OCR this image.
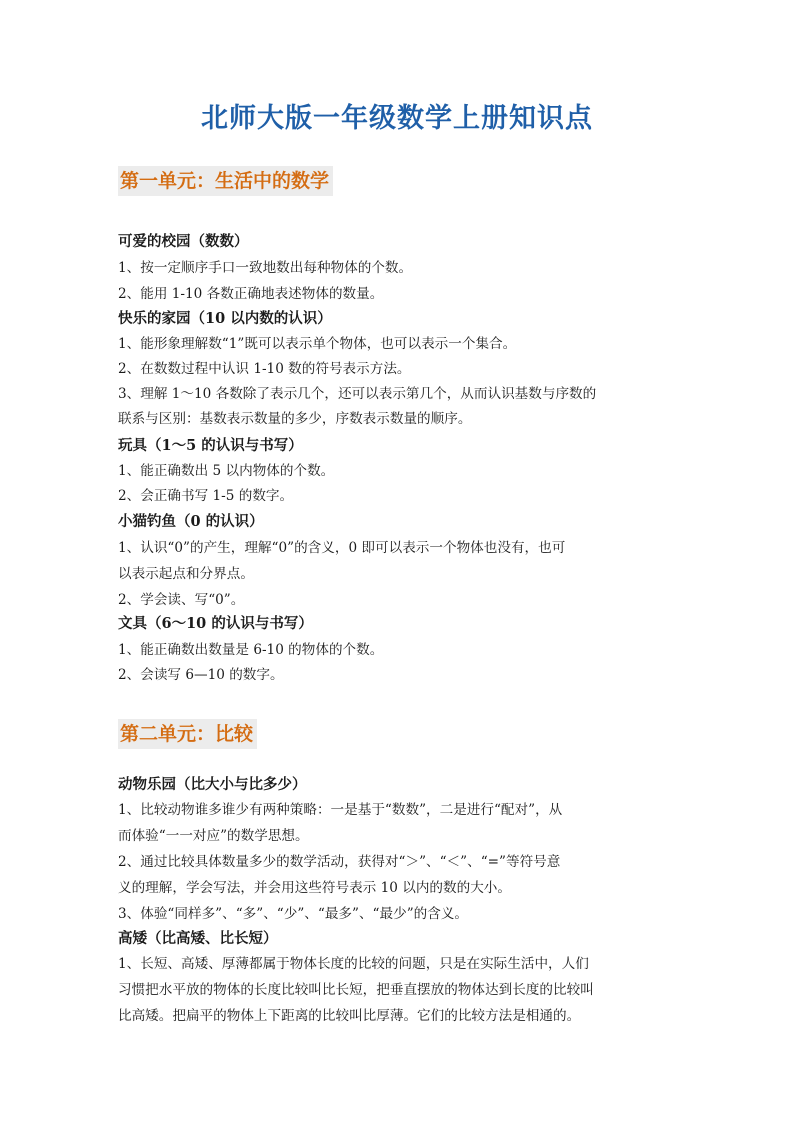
北师大版一年级数学上册知识点
第一单元：生活中的数学
可爱的校园（数数）
1、按一定顺序手口一致地数出每种物体的个数。
2、能用 1-10 各数正确地表述物体的数量。
快乐的家园（10 以内数的认识）
1、能形象理解数“1”既可以表示单个物体，也可以表示一个集合。
2、在数数过程中认识 1-10 数的符号表示方法。
3、理解 1～10 各数除了表示几个，还可以表示第几个，从而认识基数与序数的
联系与区别：基数表示数量的多少，序数表示数量的顺序。
玩具（1～5 的认识与书写）
1、能正确数出 5 以内物体的个数。
2、会正确书写 1-5 的数字。
小猫钓鱼（0 的认识）
1、认识“0”的产生，理解“0”的含义，0 即可以表示一个物体也没有，也可
以表示起点和分界点。
2、学会读、写“0”。
文具（6～10 的认识与书写）
1、能正确数出数量是 6-10 的物体的个数。
2、会读写 6—10 的数字。
第二单元：比较
动物乐园（比大小与比多少）
1、比较动物谁多谁少有两种策略：一是基于“数数”，二是进行“配对”，从
而体验“一一对应”的数学思想。
2、通过比较具体数量多少的数学活动，获得对“＞”、“＜”、“=”等符号意
义的理解，学会写法，并会用这些符号表示 10 以内的数的大小。
3、体验“同样多”、“多”、“少”、“最多”、“最少”的含义。
高矮（比高矮、比长短）
1、长短、高矮、厚薄都属于物体长度的比较的问题，只是在实际生活中，人们
习惯把水平放的物体的长度比较叫比长短，把垂直摆放的物体达到长度的比较叫
比高矮。把扁平的物体上下距离的比较叫比厚薄。它们的比较方法是相通的。
